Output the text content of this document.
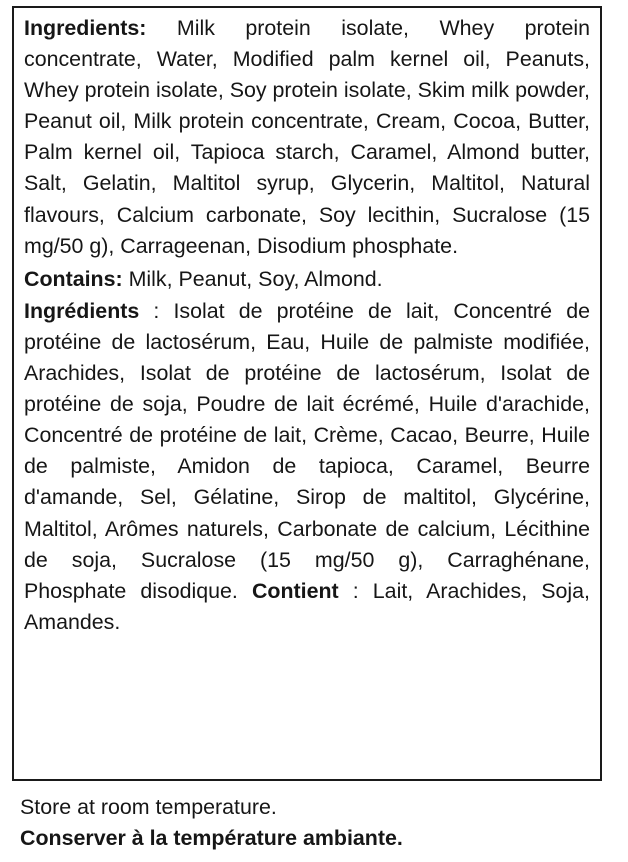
Ingredients: Milk protein isolate, Whey protein concentrate, Water, Modified palm kernel oil, Peanuts, Whey protein isolate, Soy protein isolate, Skim milk powder, Peanut oil, Milk protein concentrate, Cream, Cocoa, Butter, Palm kernel oil, Tapioca starch, Caramel, Almond butter, Salt, Gelatin, Maltitol syrup, Glycerin, Maltitol, Natural flavours, Calcium carbonate, Soy lecithin, Sucralose (15 mg/50 g), Carrageenan, Disodium phosphate.

Contains: Milk, Peanut, Soy, Almond.

Ingrédients : Isolat de protéine de lait, Concentré de protéine de lactosérum, Eau, Huile de palmiste modifiée, Arachides, Isolat de protéine de lactosérum, Isolat de protéine de soja, Poudre de lait écrémé, Huile d'arachide, Concentré de protéine de lait, Crème, Cacao, Beurre, Huile de palmiste, Amidon de tapioca, Caramel, Beurre d'amande, Sel, Gélatine, Sirop de maltitol, Glycérine, Maltitol, Arômes naturels, Carbonate de calcium, Lécithine de soja, Sucralose (15 mg/50 g), Carraghénane, Phosphate disodique. Contient : Lait, Arachides, Soja, Amandes.

Store at room temperature.

Conserver à la température ambiante.
